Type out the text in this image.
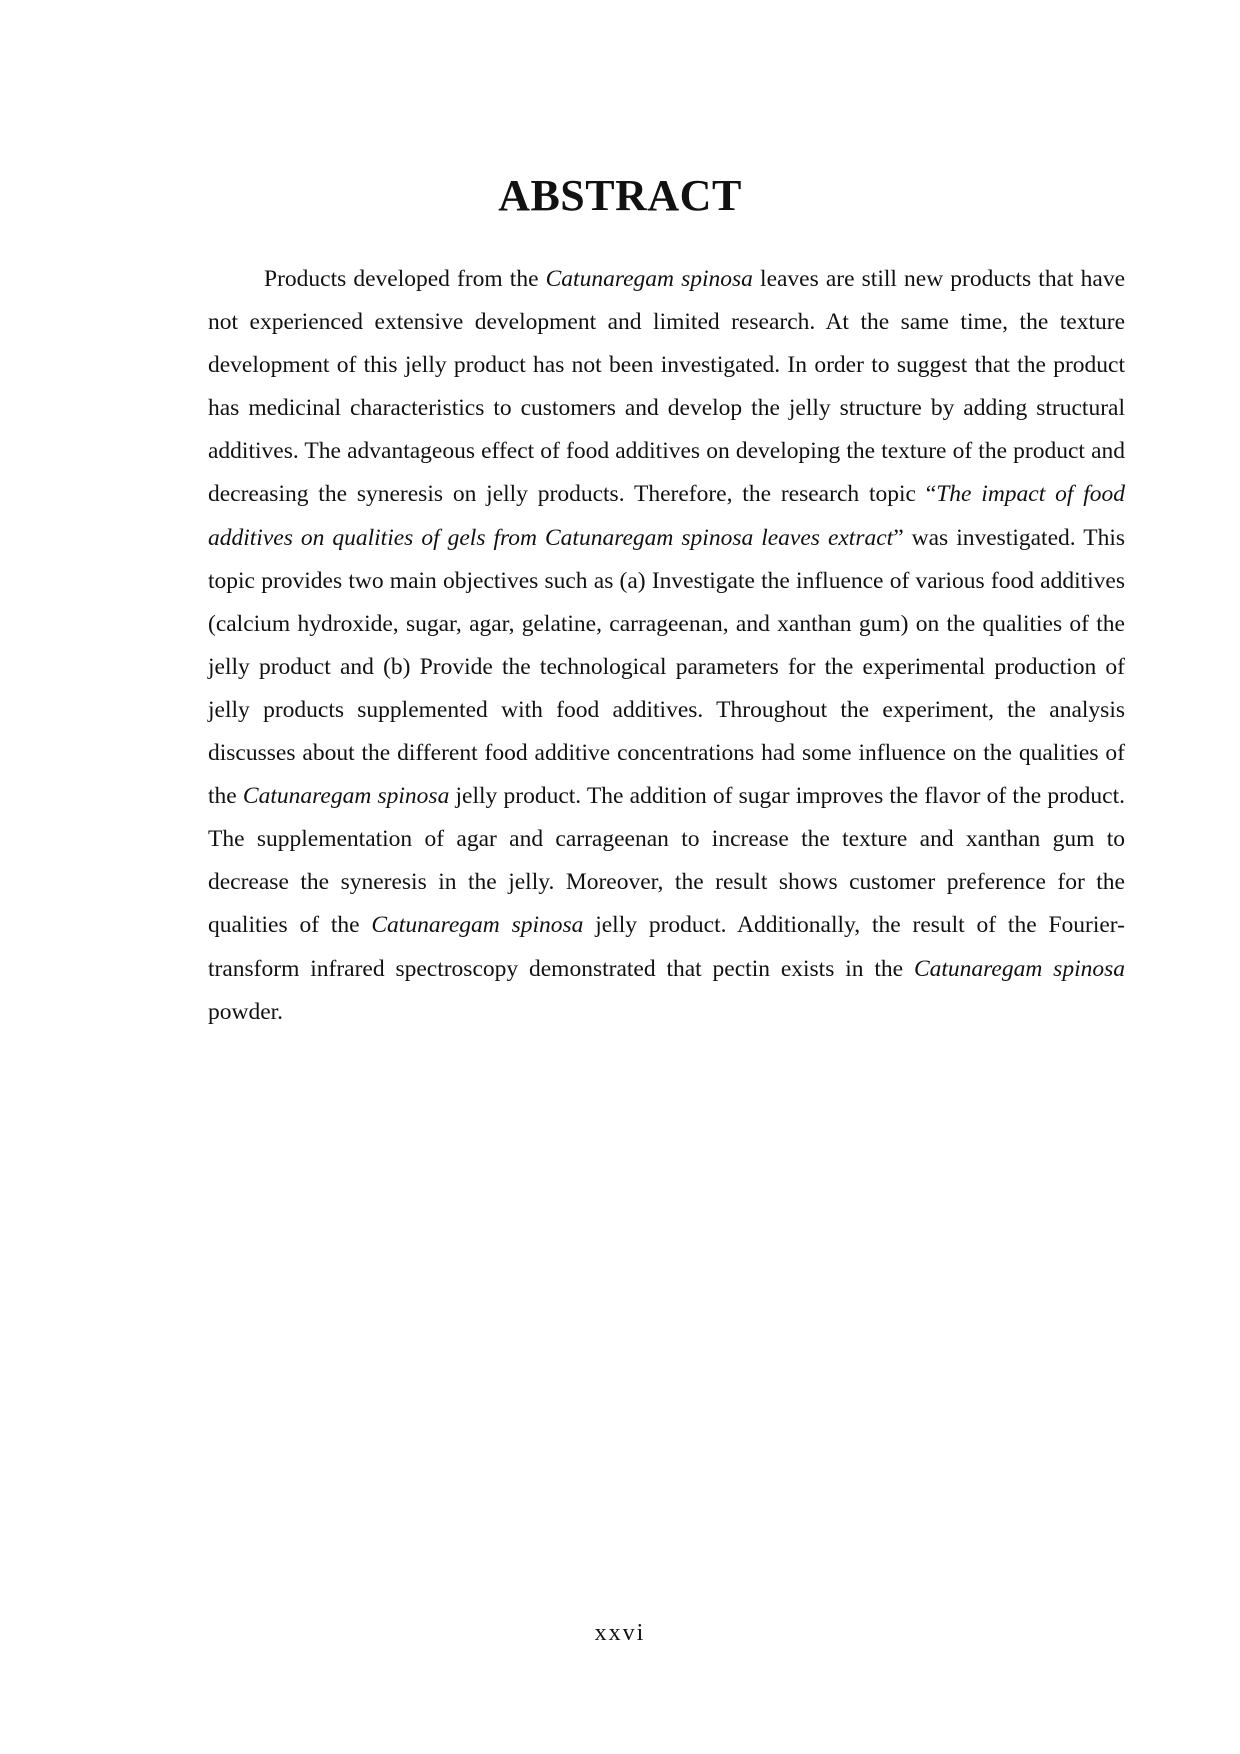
ABSTRACT

Products developed from the Catunaregam spinosa leaves are still new products that have not experienced extensive development and limited research. At the same time, the texture development of this jelly product has not been investigated. In order to suggest that the product has medicinal characteristics to customers and develop the jelly structure by adding structural additives. The advantageous effect of food additives on developing the texture of the product and decreasing the syneresis on jelly products. Therefore, the research topic “The impact of food additives on qualities of gels from Catunaregam spinosa leaves extract” was investigated. This topic provides two main objectives such as (a) Investigate the influence of various food additives (calcium hydroxide, sugar, agar, gelatine, carrageenan, and xanthan gum) on the qualities of the jelly product and (b) Provide the technological parameters for the experimental production of jelly products supplemented with food additives. Throughout the experiment, the analysis discusses about the different food additive concentrations had some influence on the qualities of the Catunaregam spinosa jelly product. The addition of sugar improves the flavor of the product. The supplementation of agar and carrageenan to increase the texture and xanthan gum to decrease the syneresis in the jelly. Moreover, the result shows customer preference for the qualities of the Catunaregam spinosa jelly product. Additionally, the result of the Fourier-transform infrared spectroscopy demonstrated that pectin exists in the Catunaregam spinosa powder.

xxvi
